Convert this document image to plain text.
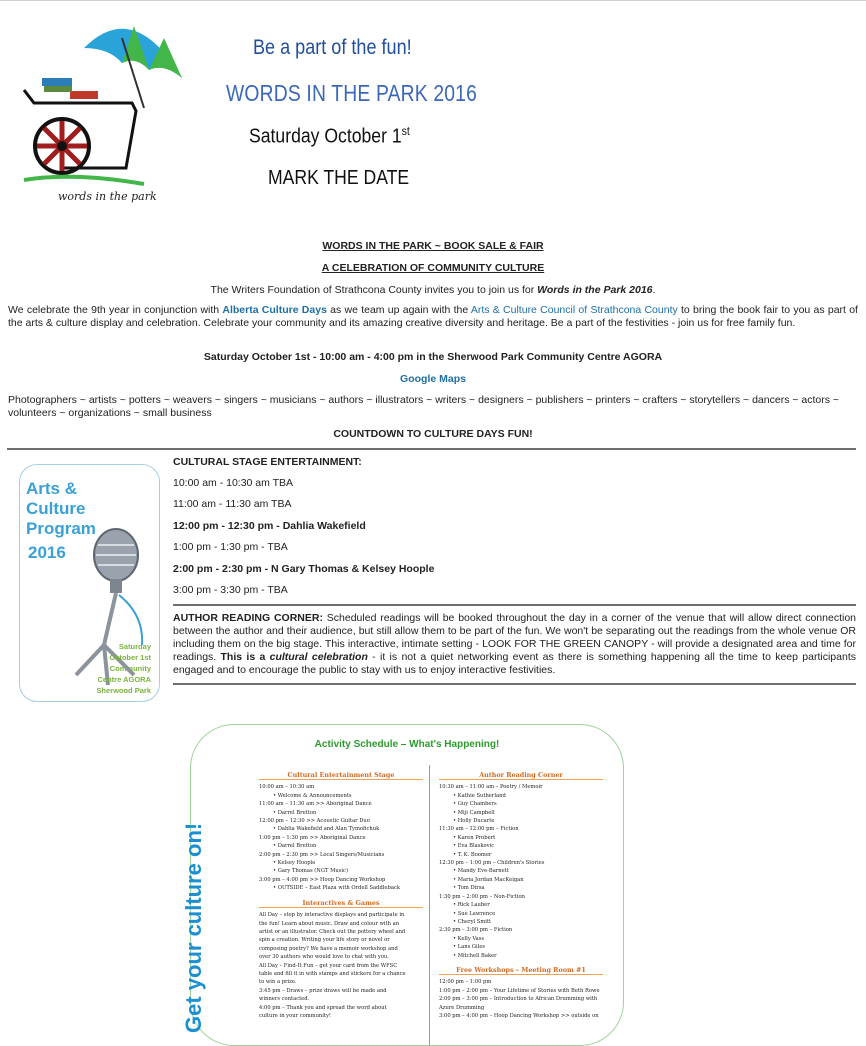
words in the park
Be a part of the fun!
WORDS IN THE PARK 2016
Saturday October 1st
MARK THE DATE
WORDS IN THE PARK ~ BOOK SALE & FAIR
A CELEBRATION OF COMMUNITY CULTURE
The Writers Foundation of Strathcona County invites you to join us for Words in the Park 2016.
We celebrate the 9th year in conjunction with Alberta Culture Days as we team up again with the Arts & Culture Council of Strathcona County to bring the book fair to you as part of the arts & culture display and celebration. Celebrate your community and its amazing creative diversity and heritage. Be a part of the festivities - join us for free family fun.
Saturday October 1st - 10:00 am - 4:00 pm in the Sherwood Park Community Centre AGORA
Google Maps
Photographers ~ artists ~ potters ~ weavers ~ singers ~ musicians ~ authors ~ illustrators ~ writers ~ designers ~ publishers ~ printers ~ crafters ~ storytellers ~ dancers ~ actors ~ volunteers ~ organizations ~ small business
COUNTDOWN TO CULTURE DAYS FUN!
Arts &
Culture
Program
2016
Saturday
October 1st
Community
Centre AGORA
Sherwood Park
CULTURAL STAGE ENTERTAINMENT:
10:00 am - 10:30 am TBA
11:00 am - 11:30 am TBA
12:00 pm - 12:30 pm - Dahlia Wakefield
1:00 pm - 1:30 pm - TBA
2:00 pm - 2:30 pm - N Gary Thomas & Kelsey Hoople
3:00 pm - 3:30 pm - TBA
AUTHOR READING CORNER: Scheduled readings will be booked throughout the day in a corner of the venue that will allow direct connection between the author and their audience, but still allow them to be part of the fun. We won't be separating out the readings from the whole venue OR including them on the big stage. This interactive, intimate setting - LOOK FOR THE GREEN CANOPY - will provide a designated area and time for readings. This is a cultural celebration - it is not a quiet networking event as there is something happening all the time to keep participants engaged and to encourage the public to stay with us to enjoy interactive festivities.
Get your culture on!
Activity Schedule – What's Happening!
Cultural Entertainment Stage
10:00 am – 10:30 am
• Welcome & Announcements
11:00 am – 11:30 am >> Aboriginal Dance
• Darrel Bretton
12:00 pm – 12:30 >> Acoustic Guitar Duo
• Dahlia Wakefield and Alan Tymofichuk
1:00 pm – 1:30 pm >> Aboriginal Dance
• Darrel Bretton
2:00 pm – 2:30 pm >> Local Singers/Musicians
• Kelsey Hoople
• Gary Thomas (NGT Music)
3:00 pm – 4:00 pm >> Hoop Dancing Workshop
• OUTSIDE – East Plaza with Ordell Saddleback
Interactives & Games
All Day – stop by interactive displays and participate in
the fun! Learn about music. Draw and colour with an
artist or an illustrator. Check out the pottery wheel and
spin a creation. Writing your life story or novel or
composing poetry? We have a memoir workshop and
over 30 authors who would love to chat with you.
All Day – Find-It Fun – get your card from the WFSC
table and fill it in with stamps and stickers for a chance
to win a prize.
3:45 pm – Draws – prize draws will be made and
winners contacted.
4:00 pm – Thank you and spread the word about
culture in your community!
Author Reading Corner
10:30 am – 11:00 am – Poetry / Memoir
• Kathie Sutherland
• Guy Chambers
• Miji Campbell
• Holly Ducarte
11:30 am – 12:00 pm – Fiction
• Karen Probert
• Eva Blaskovic
• T. K. Boomer
12:30 pm – 1:00 pm – Children's Stories
• Mandy Eve-Barnett
• Maria Jordan MacKeigan
• Tom Dirsa
1:30 pm – 2:00 pm – Non-Fiction
• Rick Lauber
• Sue Lawrence
• Cheryl Smitt
2:30 pm – 3:00 pm – Fiction
• Kelly Vass
• Lans Giles
• Mitchell Baker
Free Workshops – Meeting Room #1
12:00 pm – 1:00 pm
1:00 pm – 2:00 pm – Your Lifetime of Stories with Beth Rowe
2:00 pm – 3:00 pm – Introduction to African Drumming with
Azure Drumming
3:00 pm – 4:00 pm – Hoop Dancing Workshop >> outside on
